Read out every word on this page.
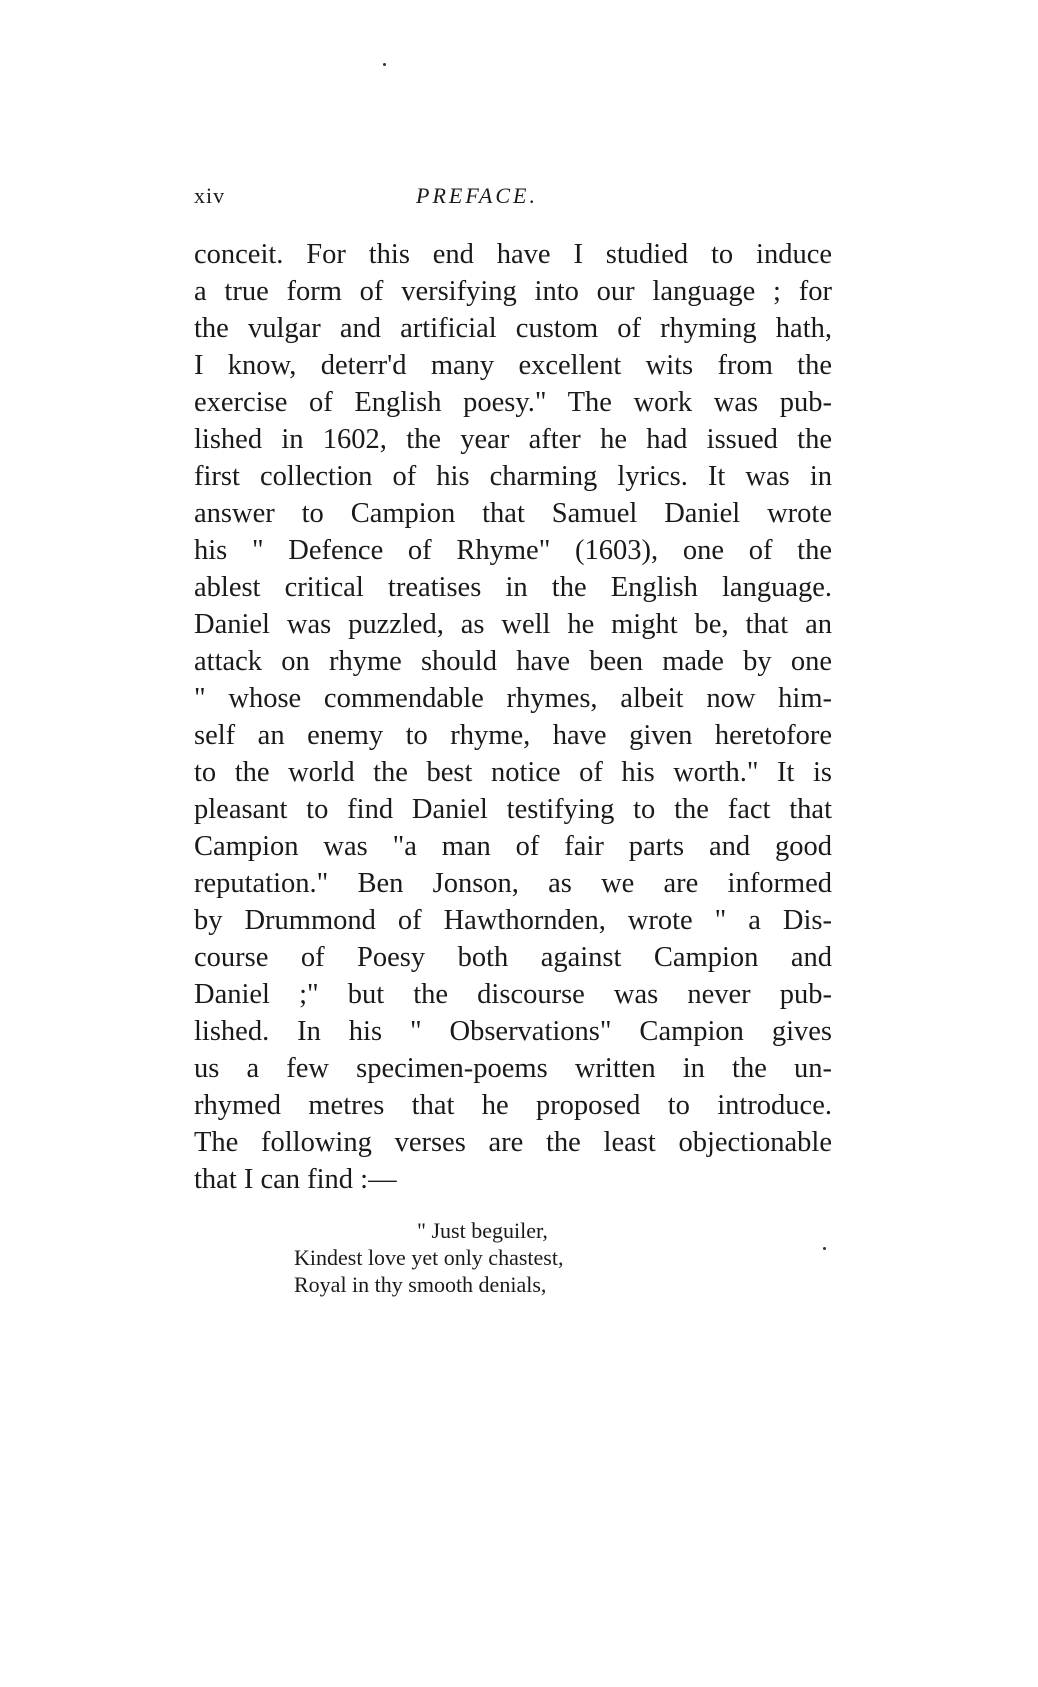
xiv	PREFACE.
conceit. For this end have I studied to induce
a true form of versifying into our language ; for
the vulgar and artificial custom of rhyming hath,
I know, deterr'd many excellent wits from the
exercise of English poesy." The work was pub-
lished in 1602, the year after he had issued the
first collection of his charming lyrics. It was in
answer to Campion that Samuel Daniel wrote
his " Defence of Rhyme" (1603), one of the
ablest critical treatises in the English language.
Daniel was puzzled, as well he might be, that an
attack on rhyme should have been made by one
" whose commendable rhymes, albeit now him-
self an enemy to rhyme, have given heretofore
to the world the best notice of his worth." It is
pleasant to find Daniel testifying to the fact that
Campion was "a man of fair parts and good
reputation." Ben Jonson, as we are informed
by Drummond of Hawthornden, wrote " a Dis-
course of Poesy both against Campion and
Daniel ;" but the discourse was never pub-
lished. In his " Observations" Campion gives
us a few specimen-poems written in the un-
rhymed metres that he proposed to introduce.
The following verses are the least objectionable
that I can find :—
" Just beguiler,
Kindest love yet only chastest,
Royal in thy smooth denials,
